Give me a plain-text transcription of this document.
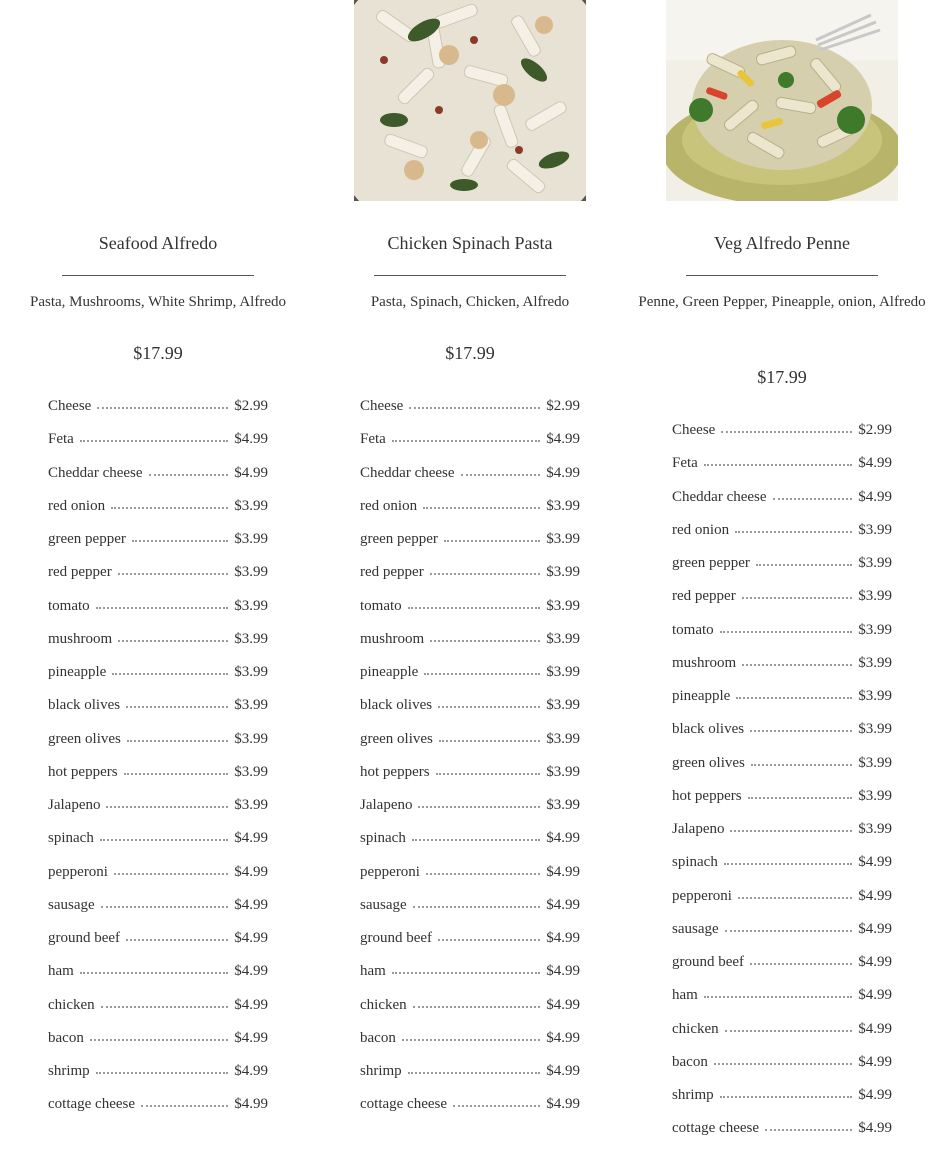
Seafood Alfredo
Pasta, Mushrooms, White Shrimp, Alfredo
$17.99
Cheese	$2.99
Feta	$4.99
Cheddar cheese	$4.99
red onion	$3.99
green pepper	$3.99
red pepper	$3.99
tomato	$3.99
mushroom	$3.99
pineapple	$3.99
black olives	$3.99
green olives	$3.99
hot peppers	$3.99
Jalapeno	$3.99
spinach	$4.99
pepperoni	$4.99
sausage	$4.99
ground beef	$4.99
ham	$4.99
chicken	$4.99
bacon	$4.99
shrimp	$4.99
cottage cheese	$4.99
Chicken Spinach Pasta
Pasta, Spinach, Chicken, Alfredo
$17.99
Cheese	$2.99
Feta	$4.99
Cheddar cheese	$4.99
red onion	$3.99
green pepper	$3.99
red pepper	$3.99
tomato	$3.99
mushroom	$3.99
pineapple	$3.99
black olives	$3.99
green olives	$3.99
hot peppers	$3.99
Jalapeno	$3.99
spinach	$4.99
pepperoni	$4.99
sausage	$4.99
ground beef	$4.99
ham	$4.99
chicken	$4.99
bacon	$4.99
shrimp	$4.99
cottage cheese	$4.99
Veg Alfredo Penne
Penne, Green Pepper, Pineapple, onion, Alfredo
$17.99
Cheese	$2.99
Feta	$4.99
Cheddar cheese	$4.99
red onion	$3.99
green pepper	$3.99
red pepper	$3.99
tomato	$3.99
mushroom	$3.99
pineapple	$3.99
black olives	$3.99
green olives	$3.99
hot peppers	$3.99
Jalapeno	$3.99
spinach	$4.99
pepperoni	$4.99
sausage	$4.99
ground beef	$4.99
ham	$4.99
chicken	$4.99
bacon	$4.99
shrimp	$4.99
cottage cheese	$4.99
